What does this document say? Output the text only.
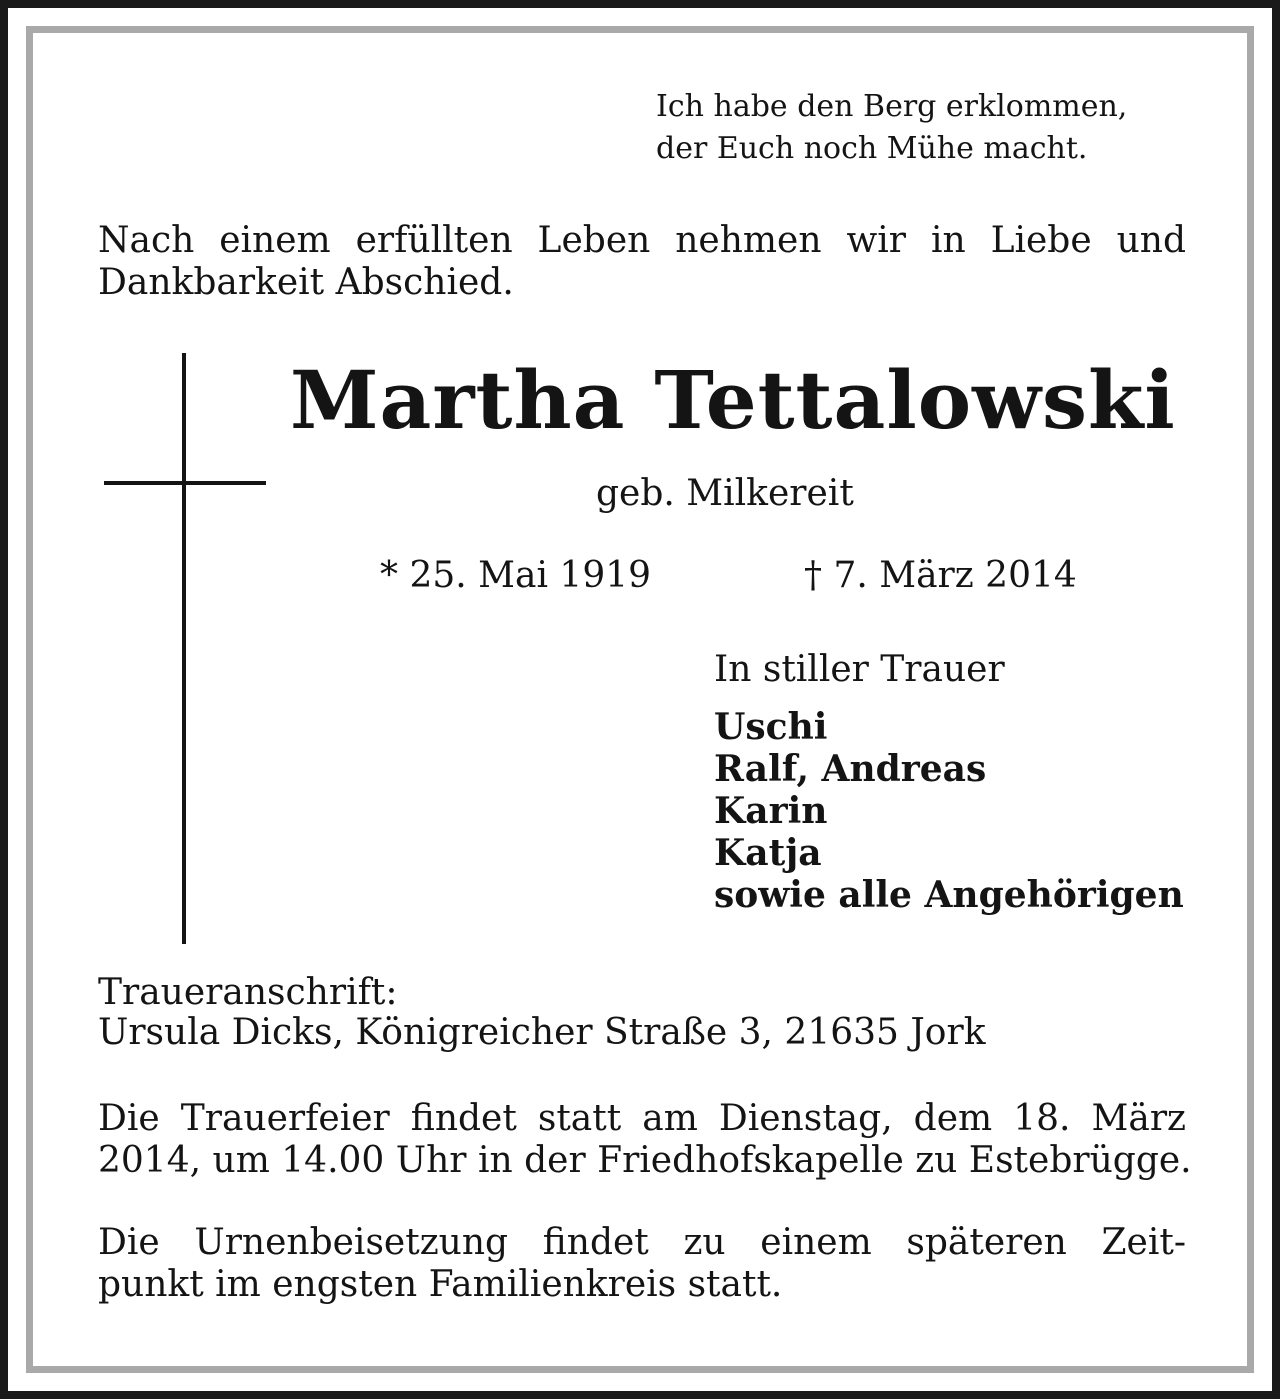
Ich habe den Berg erklommen,

der Euch noch Mühe macht.

Nach einem erfüllten Leben nehmen wir in Liebe und

Dankbarkeit Abschied.

Martha Tettalowski

geb. Milkereit

* 25. Mai 1919	† 7. März 2014

In stiller Trauer

Uschi

Ralf, Andreas

Karin

Katja

sowie alle Angehörigen

Traueranschrift:

Ursula Dicks, Königreicher Straße 3, 21635 Jork

Die Trauerfeier findet statt am Dienstag, dem 18. März

2014, um 14.00 Uhr in der Friedhofskapelle zu Estebrügge.

Die Urnenbeisetzung findet zu einem späteren Zeit-

punkt im engsten Familienkreis statt.
